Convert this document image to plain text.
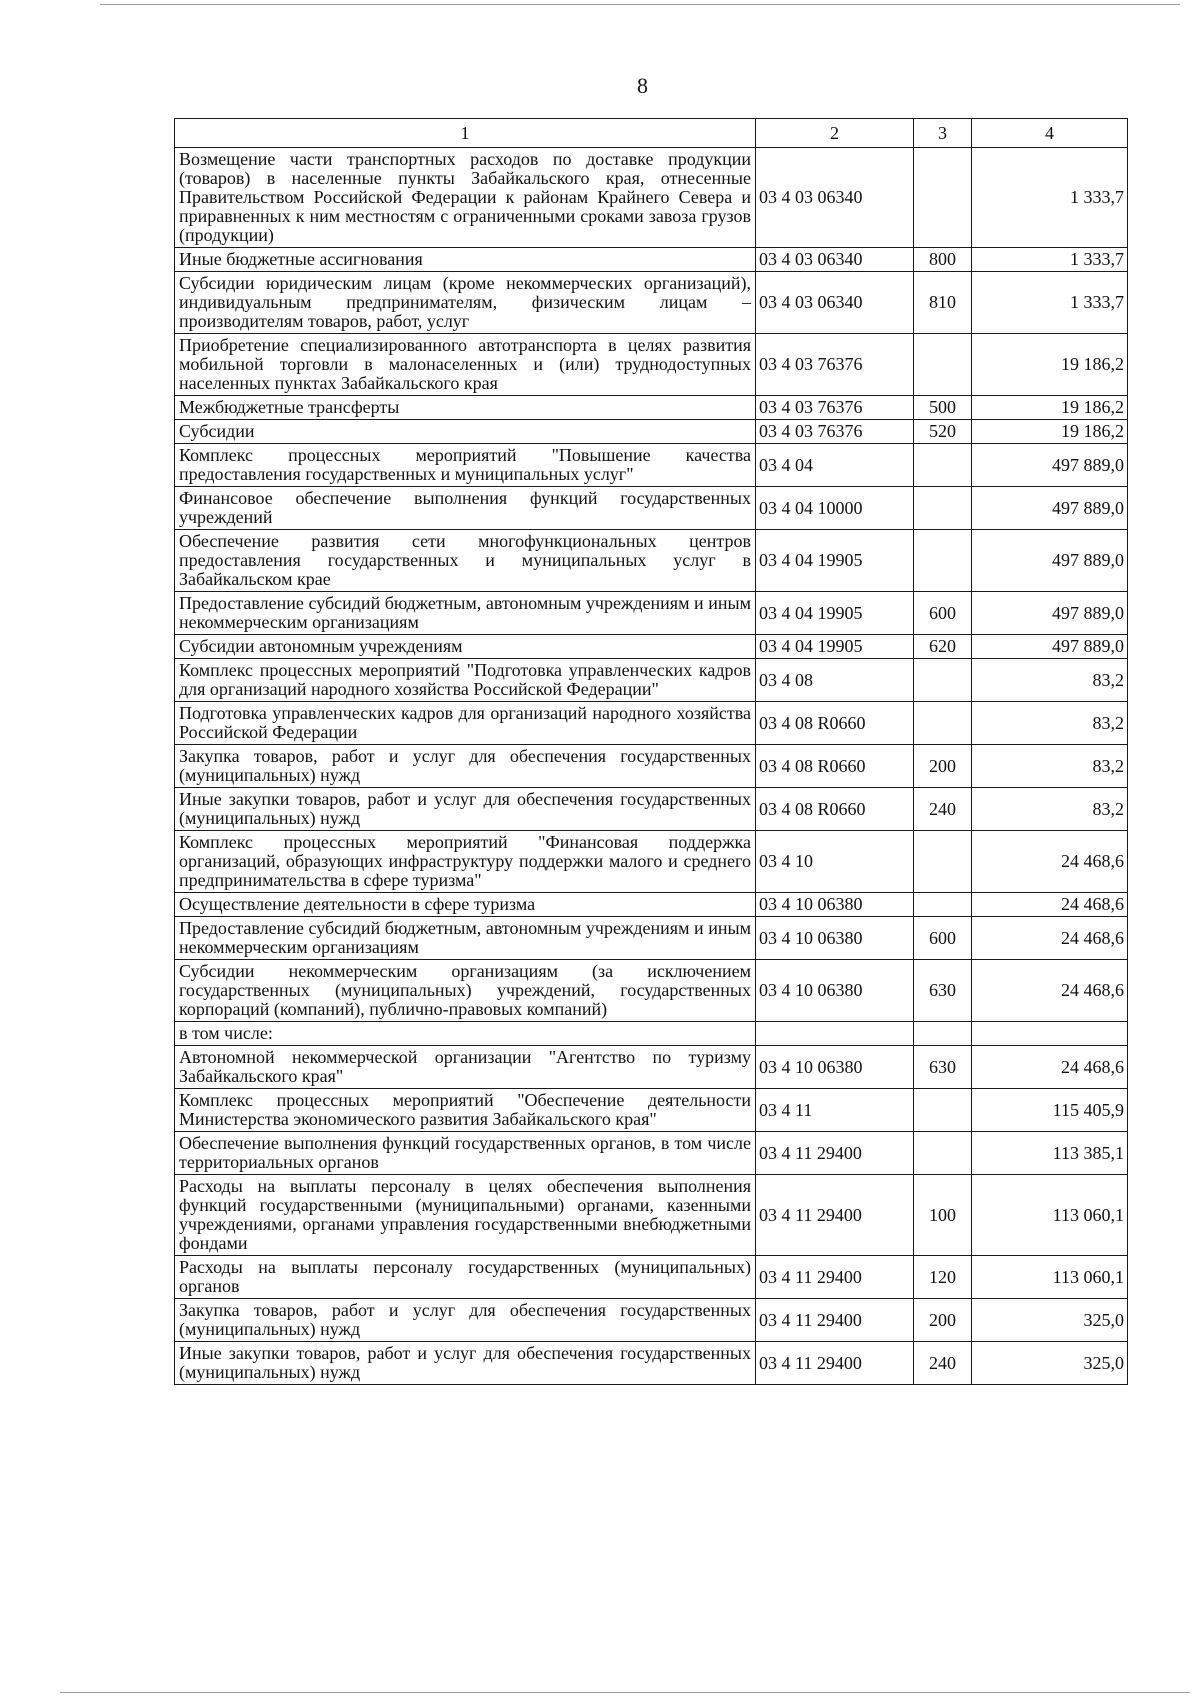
8
1	2	3	4
Возмещение части транспортных расходов по доставке продукции (товаров) в населенные пункты Забайкальского края, отнесенные Правительством Российской Федерации к районам Крайнего Севера и приравненных к ним местностям с ограниченными сроками завоза грузов (продукции)	03 4 03 06340		1 333,7
Иные бюджетные ассигнования	03 4 03 06340	800	1 333,7
Субсидии юридическим лицам (кроме некоммерческих организаций), индивидуальным предпринимателям, физическим лицам – производителям товаров, работ, услуг	03 4 03 06340	810	1 333,7
Приобретение специализированного автотранспорта в целях развития мобильной торговли в малонаселенных и (или) труднодоступных населенных пунктах Забайкальского края	03 4 03 76376		19 186,2
Межбюджетные трансферты	03 4 03 76376	500	19 186,2
Субсидии	03 4 03 76376	520	19 186,2
Комплекс процессных мероприятий "Повышение качества предоставления государственных и муниципальных услуг"	03 4 04		497 889,0
Финансовое обеспечение выполнения функций государственных учреждений	03 4 04 10000		497 889,0
Обеспечение развития сети многофункциональных центров предоставления государственных и муниципальных услуг в Забайкальском крае	03 4 04 19905		497 889,0
Предоставление субсидий бюджетным, автономным учреждениям и иным некоммерческим организациям	03 4 04 19905	600	497 889,0
Субсидии автономным учреждениям	03 4 04 19905	620	497 889,0
Комплекс процессных мероприятий "Подготовка управленческих кадров для организаций народного хозяйства Российской Федерации"	03 4 08		83,2
Подготовка управленческих кадров для организаций народного хозяйства Российской Федерации	03 4 08 R0660		83,2
Закупка товаров, работ и услуг для обеспечения государственных (муниципальных) нужд	03 4 08 R0660	200	83,2
Иные закупки товаров, работ и услуг для обеспечения государственных (муниципальных) нужд	03 4 08 R0660	240	83,2
Комплекс процессных мероприятий "Финансовая поддержка организаций, образующих инфраструктуру поддержки малого и среднего предпринимательства в сфере туризма"	03 4 10		24 468,6
Осуществление деятельности в сфере туризма	03 4 10 06380		24 468,6
Предоставление субсидий бюджетным, автономным учреждениям и иным некоммерческим организациям	03 4 10 06380	600	24 468,6
Субсидии некоммерческим организациям (за исключением государственных (муниципальных) учреждений, государственных корпораций (компаний), публично-правовых компаний)	03 4 10 06380	630	24 468,6
в том числе:			
Автономной некоммерческой организации "Агентство по туризму Забайкальского края"	03 4 10 06380	630	24 468,6
Комплекс процессных мероприятий "Обеспечение деятельности Министерства экономического развития Забайкальского края"	03 4 11		115 405,9
Обеспечение выполнения функций государственных органов, в том числе территориальных органов	03 4 11 29400		113 385,1
Расходы на выплаты персоналу в целях обеспечения выполнения функций государственными (муниципальными) органами, казенными учреждениями, органами управления государственными внебюджетными фондами	03 4 11 29400	100	113 060,1
Расходы на выплаты персоналу государственных (муниципальных) органов	03 4 11 29400	120	113 060,1
Закупка товаров, работ и услуг для обеспечения государственных (муниципальных) нужд	03 4 11 29400	200	325,0
Иные закупки товаров, работ и услуг для обеспечения государственных (муниципальных) нужд	03 4 11 29400	240	325,0
